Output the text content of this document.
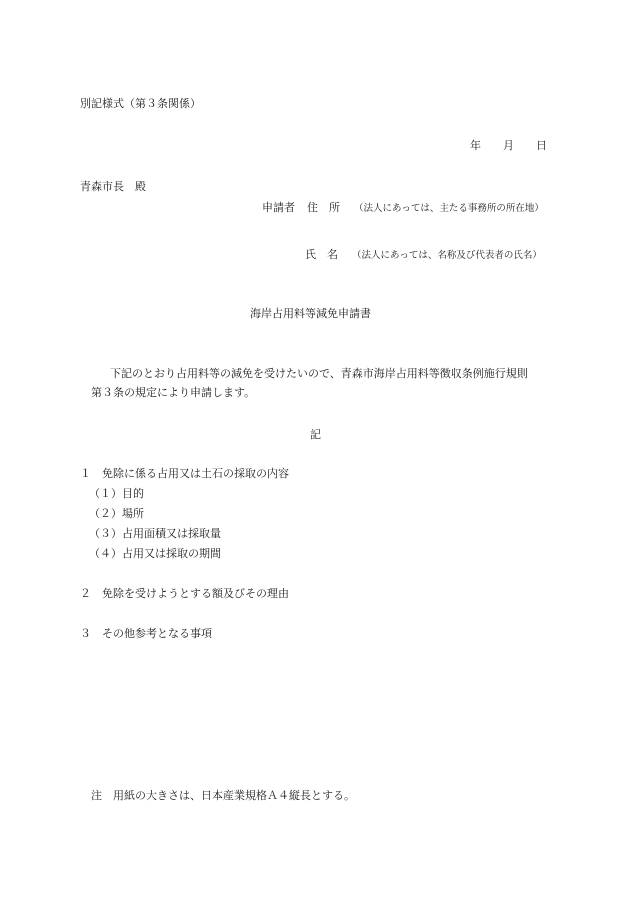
別記様式（第３条関係）
年 月 日
青森市長　殿
申請者 住　所 （法人にあっては、主たる事務所の所在地）
氏　名 （法人にあっては、名称及び代表者の氏名）
海岸占用料等減免申請書
下記のとおり占用料等の減免を受けたいので、青森市海岸占用料等徴収条例施行規則
第３条の規定により申請します。
記
１　免除に係る占用又は土石の採取の内容
（１）目的
（２）場所
（３）占用面積又は採取量
（４）占用又は採取の期間
２　免除を受けようとする額及びその理由
３　その他参考となる事項
注　用紙の大きさは、日本産業規格Ａ４縦長とする。
